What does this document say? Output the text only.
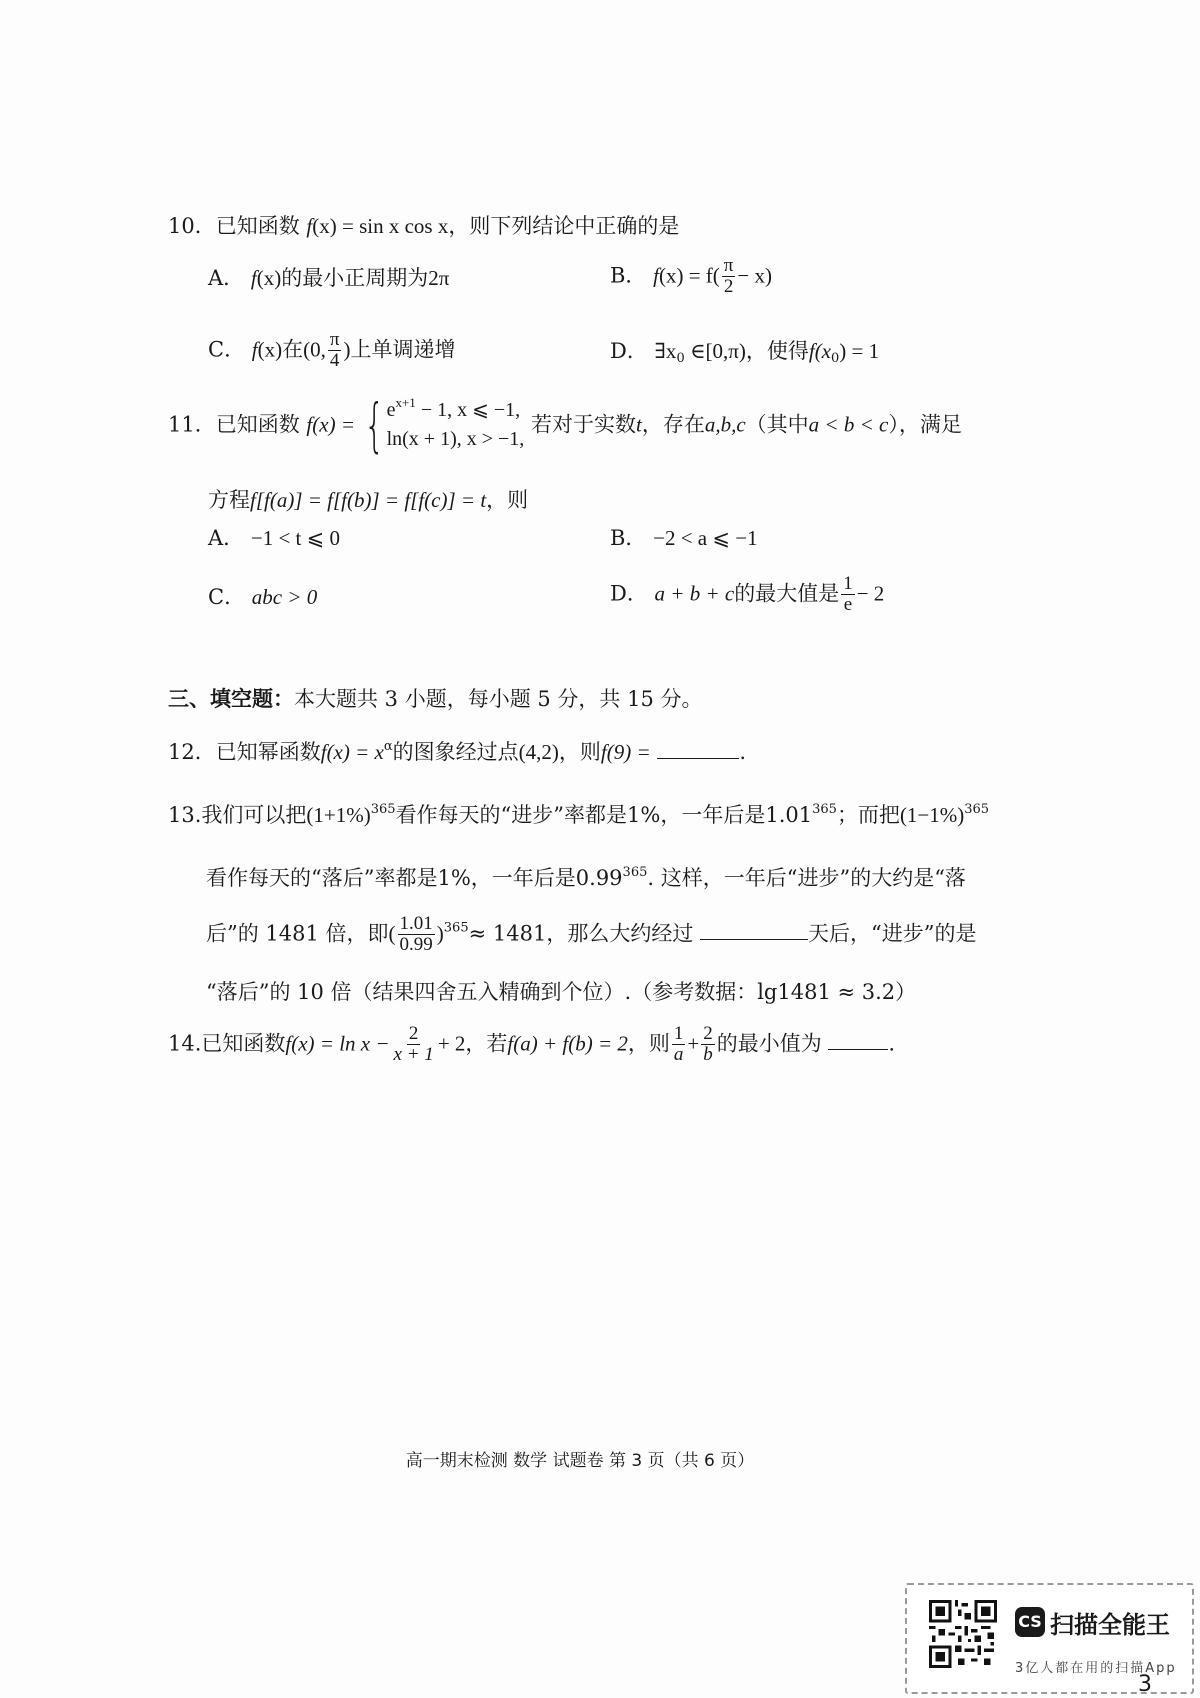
10．已知函数 f(x) = sin x cos x，则下列结论中正确的是
A． f(x)的最小正周期为2π	B． $f(x) = f( \frac{\pi}{2} - x)$
C． f(x)在(0, $\frac{\pi}{4}$ )上单调递增	D． $\exists x_0$ ∈[0,π)，使得$f(x_0) = 1$
11．已知函数 f(x) = { $e^{x+1} - 1$, x ⩽ −1,
ln(x + 1), x > −1,
若对于实数t，存在a,b,c（其中a < b < c），满足
方程f[f(a)] = f[f(b)] = f[f(c)] = t，则
A． −1 < t ⩽ 0	B． −2 < a ⩽ −1
C． abc > 0	D． a + b + c的最大值是 $\frac{1}{e} - 2$
三、填空题：本大题共 3 小题，每小题 5 分，共 15 分。
12．已知幂函数$f(x) = x^\alpha$的图象经过点(4,2)，则f(9) =	.
13.我们可以把$(1+1\%)^{365}$看作每天的“进步”率都是1%，一年后是1.01$^{365}$；而把$(1-1\%)^{365}$
看作每天的“落后”率都是1%，一年后是0.99$^{365}$. 这样，一年后“进步”的大约是“落
后”的 1481 倍，即( $\frac{1.01}{0.99} )^{365}\approx 1481$，那么大约经过	天后，“进步”的是
“落后”的 10 倍（结果四舍五入精确到个位）.（参考数据：lg1481 ≈ 3.2）
14.已知函数$f(x) = \ln x - \frac{2}{x + 1} + 2$，若f(a) + f(b) = 2，则 $\frac{1}{a} + \frac{2}{b}$ 的最小值为	.
高一期末检测 数学 试题卷 第 3 页（共 6 页）
CS 扫描全能王
3亿人都在用的扫描App
3
